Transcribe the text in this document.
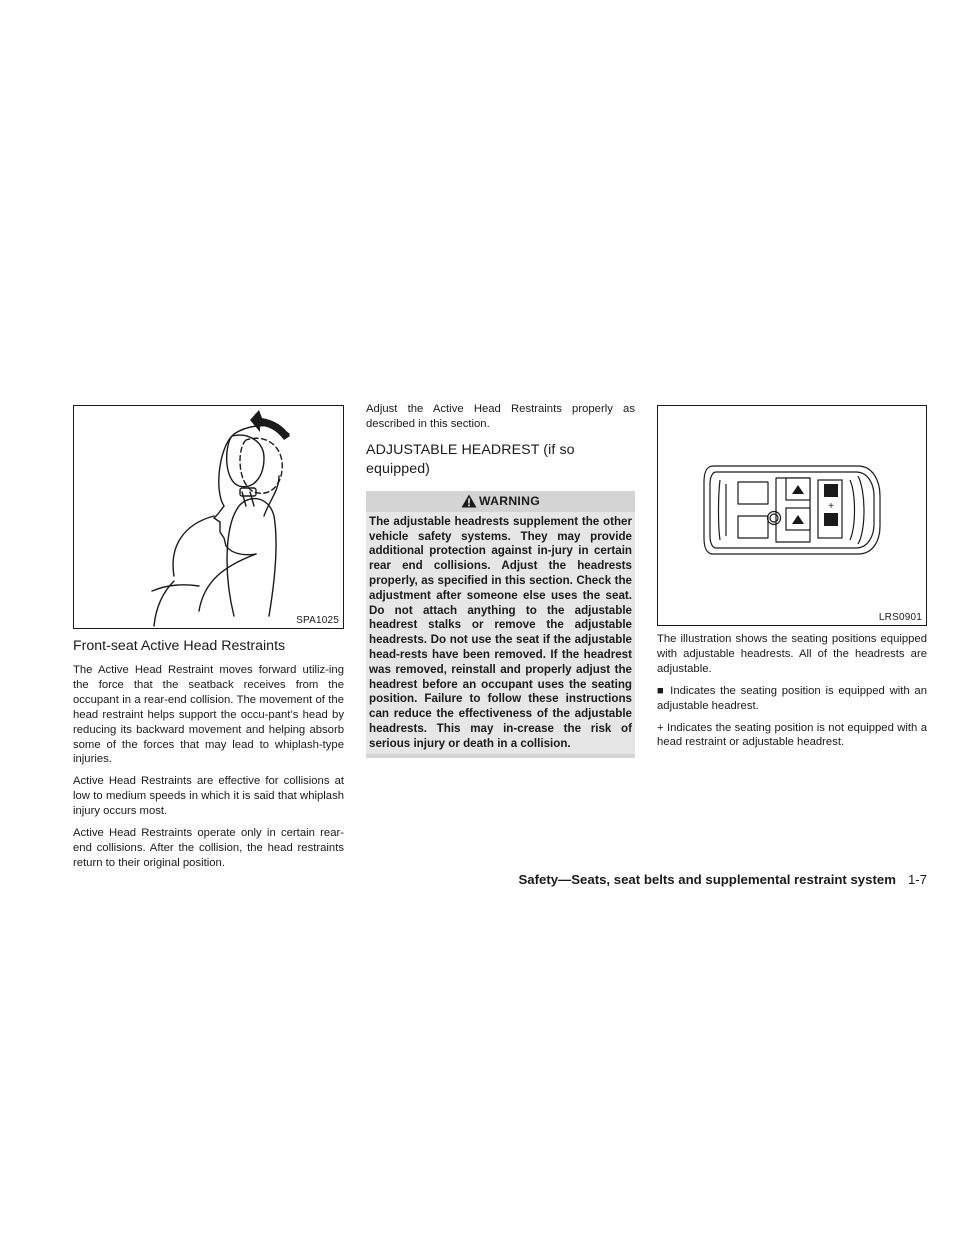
SPA1025
Front-seat Active Head Restraints

The Active Head Restraint moves forward utiliz-ing the force that the seatback receives from the occupant in a rear-end collision. The movement of the head restraint helps support the occu-pant’s head by reducing its backward movement and helping absorb some of the forces that may lead to whiplash-type injuries.

Active Head Restraints are effective for collisions at low to medium speeds in which it is said that whiplash injury occurs most.

Active Head Restraints operate only in certain rear-end collisions. After the collision, the head restraints return to their original position.

Adjust the Active Head Restraints properly as described in this section.

ADJUSTABLE HEADREST (if so equipped)
WARNING
The adjustable headrests supplement the other vehicle safety systems. They may provide additional protection against in-jury in certain rear end collisions. Adjust the headrests properly, as specified in this section. Check the adjustment after someone else uses the seat. Do not attach anything to the adjustable headrest stalks or remove the adjustable headrests. Do not use the seat if the adjustable head-rests have been removed. If the headrest was removed, reinstall and properly adjust the headrest before an occupant uses the seating position. Failure to follow these instructions can reduce the effectiveness of the adjustable headrests. This may in-crease the risk of serious injury or death in a collision.
+
LRS0901

The illustration shows the seating positions equipped with adjustable headrests. All of the headrests are adjustable.

■ Indicates the seating position is equipped with an adjustable headrest.

+ Indicates the seating position is not equipped with a head restraint or adjustable headrest.

Safety—Seats, seat belts and supplemental restraint system 1-7
